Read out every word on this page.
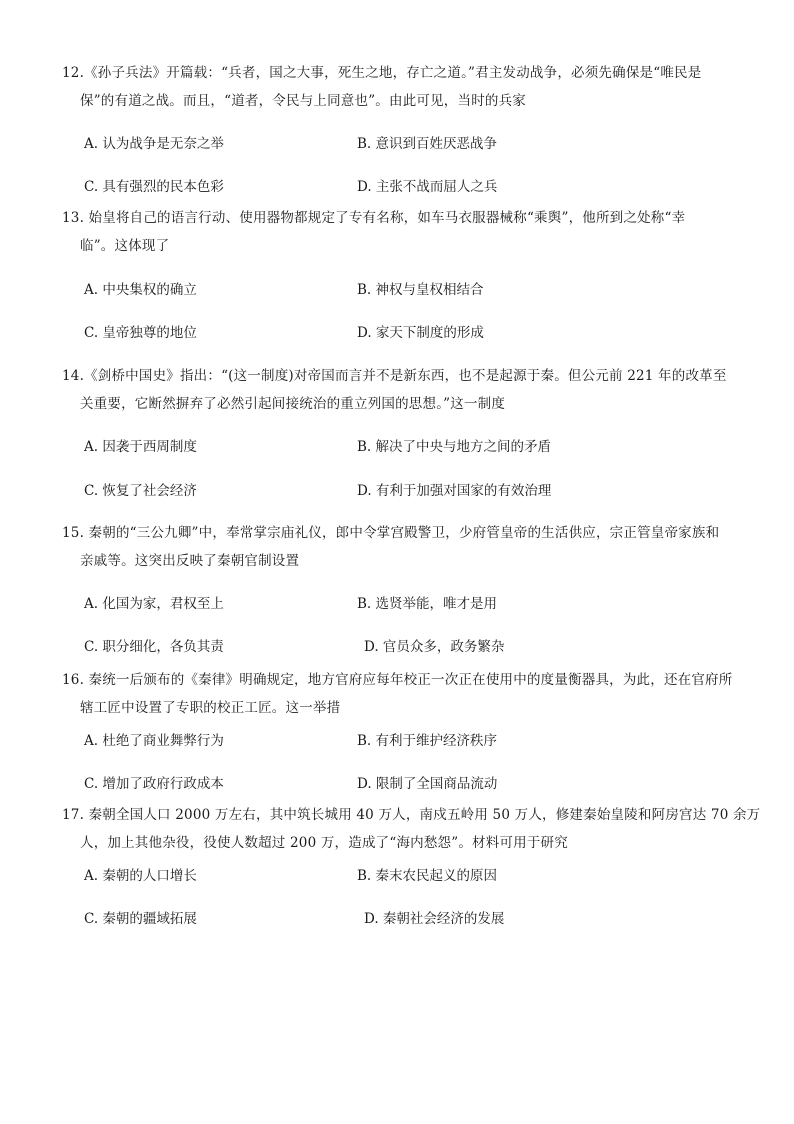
12.《孙子兵法》开篇载：“兵者，国之大事，死生之地，存亡之道。”君主发动战争，必须先确保是“唯民是
保”的有道之战。而且，“道者，令民与上同意也”。由此可见，当时的兵家
A. 认为战争是无奈之举	B. 意识到百姓厌恶战争
C. 具有强烈的民本色彩	D. 主张不战而屈人之兵
13. 始皇将自己的语言行动、使用器物都规定了专有名称，如车马衣服器械称“乘舆”，他所到之处称“幸
临”。这体现了
A. 中央集权的确立	B. 神权与皇权相结合
C. 皇帝独尊的地位	D. 家天下制度的形成
14.《剑桥中国史》指出：“(这一制度)对帝国而言并不是新东西，也不是起源于秦。但公元前 221 年的改革至
关重要，它断然摒弃了必然引起间接统治的重立列国的思想。”这一制度
A. 因袭于西周制度	B. 解决了中央与地方之间的矛盾
C. 恢复了社会经济	D. 有利于加强对国家的有效治理
15. 秦朝的“三公九卿”中，奉常掌宗庙礼仪，郎中令掌宫殿警卫，少府管皇帝的生活供应，宗正管皇帝家族和
亲戚等。这突出反映了秦朝官制设置
A. 化国为家，君权至上	B. 选贤举能，唯才是用
C. 职分细化，各负其责	D. 官员众多，政务繁杂
16. 秦统一后颁布的《秦律》明确规定，地方官府应每年校正一次正在使用中的度量衡器具，为此，还在官府所
辖工匠中设置了专职的校正工匠。这一举措
A. 杜绝了商业舞弊行为	B. 有利于维护经济秩序
C. 增加了政府行政成本	D. 限制了全国商品流动
17. 秦朝全国人口 2000 万左右，其中筑长城用 40 万人，南戍五岭用 50 万人，修建秦始皇陵和阿房宫达 70 余万
人，加上其他杂役，役使人数超过 200 万，造成了“海内愁怨”。材料可用于研究
A. 秦朝的人口增长	B. 秦末农民起义的原因
C. 秦朝的疆域拓展	D. 秦朝社会经济的发展
